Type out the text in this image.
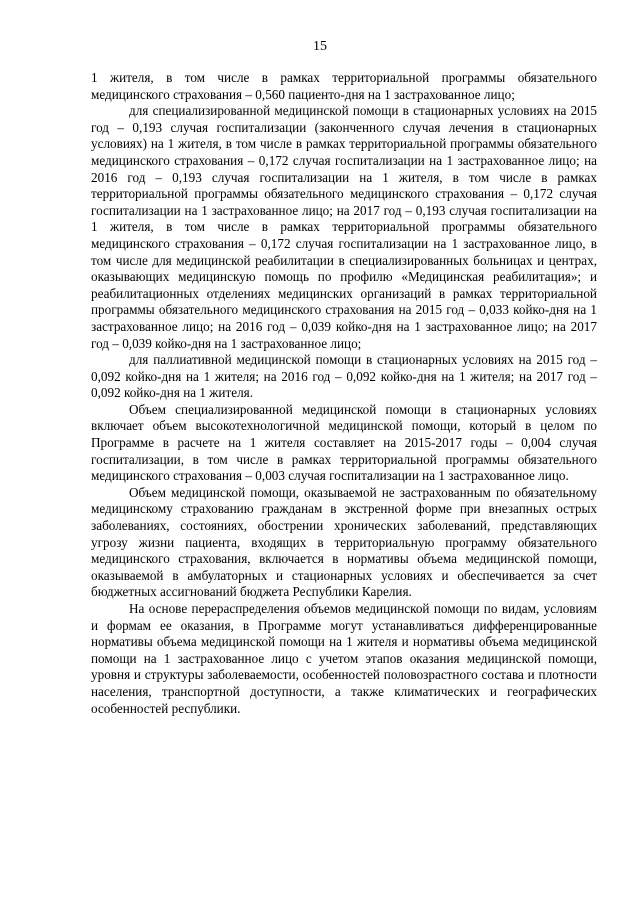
15

1 жителя, в том числе в рамках территориальной программы обязательного медицинского страхования – 0,560 пациенто-дня на 1 застрахованное лицо;

для специализированной медицинской помощи в стационарных условиях на 2015 год – 0,193 случая госпитализации (законченного случая лечения в стационарных условиях) на 1 жителя, в том числе в рамках территориальной программы обязательного медицинского страхования – 0,172 случая госпитализации на 1 застрахованное лицо; на 2016 год – 0,193 случая госпитализации на 1 жителя, в том числе в рамках территориальной программы обязательного медицинского страхования – 0,172 случая госпитализации на 1 застрахованное лицо; на 2017 год – 0,193 случая госпитализации на 1 жителя, в том числе в рамках территориальной программы обязательного медицинского страхования – 0,172 случая госпитализации на 1 застрахованное лицо, в том числе для медицинской реабилитации в специализированных больницах и центрах, оказывающих медицинскую помощь по профилю «Медицинская реабилитация»; и реабилитационных отделениях медицинских организаций в рамках территориальной программы обязательного медицинского страхования на 2015 год – 0,033 койко-дня на 1 застрахованное лицо; на 2016 год – 0,039 койко-дня на 1 застрахованное лицо; на 2017 год – 0,039 койко-дня на 1 застрахованное лицо;

для паллиативной медицинской помощи в стационарных условиях на 2015 год – 0,092 койко-дня на 1 жителя; на 2016 год – 0,092 койко-дня на 1 жителя; на 2017 год – 0,092 койко-дня на 1 жителя.

Объем специализированной медицинской помощи в стационарных условиях включает объем высокотехнологичной медицинской помощи, который в целом по Программе в расчете на 1 жителя составляет на 2015-2017 годы – 0,004 случая госпитализации, в том числе в рамках территориальной программы обязательного медицинского страхования – 0,003 случая госпитализации на 1 застрахованное лицо.

Объем медицинской помощи, оказываемой не застрахованным по обязательному медицинскому страхованию гражданам в экстренной форме при внезапных острых заболеваниях, состояниях, обострении хронических заболеваний, представляющих угрозу жизни пациента, входящих в территориальную программу обязательного медицинского страхования, включается в нормативы объема медицинской помощи, оказываемой в амбулаторных и стационарных условиях и обеспечивается за счет бюджетных ассигнований бюджета Республики Карелия.

На основе перераспределения объемов медицинской помощи по видам, условиям и формам ее оказания, в Программе могут устанавливаться дифференцированные нормативы объема медицинской помощи на 1 жителя и нормативы объема медицинской помощи на 1 застрахованное лицо с учетом этапов оказания медицинской помощи, уровня и структуры заболеваемости, особенностей половозрастного состава и плотности населения, транспортной доступности, а также климатических и географических особенностей республики.
